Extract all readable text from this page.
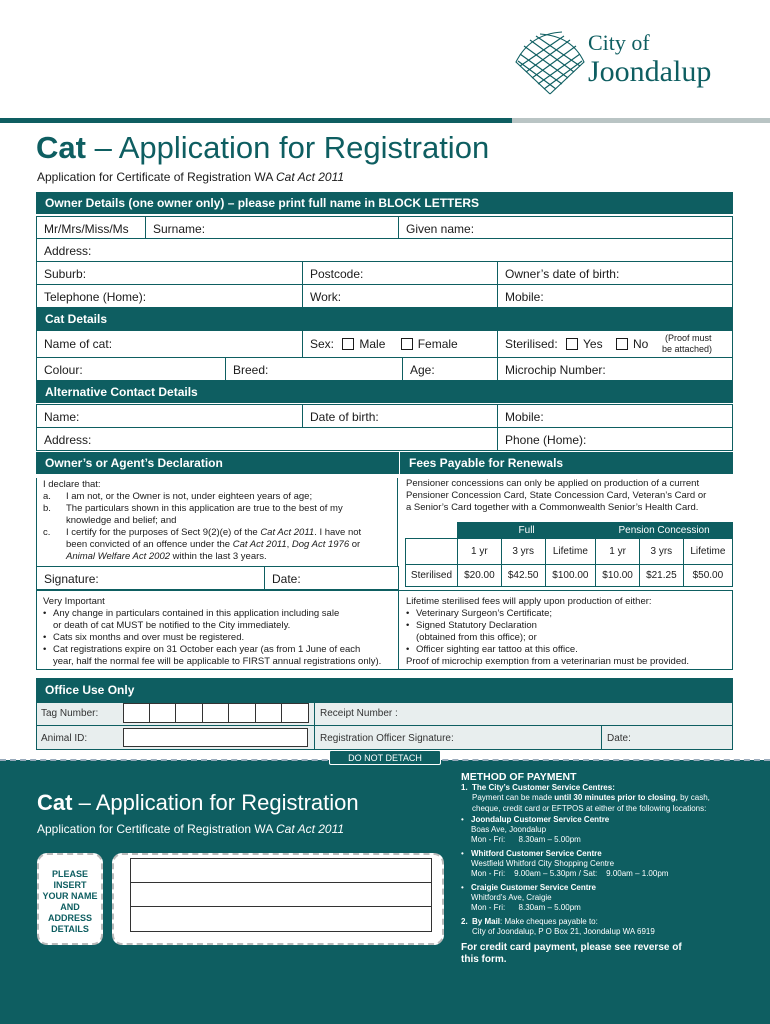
City of
Joondalup
Cat – Application for Registration
Application for Certificate of Registration WA Cat Act 2011
Owner Details (one owner only) – please print full name in BLOCK LETTERS
Mr/Mrs/Miss/Ms	Surname:	Given name:
Address:
Suburb:	Postcode:	Owner’s date of birth:
Telephone (Home):	Work:	Mobile:
Cat Details
Name of cat:	Sex: Male	Female	Sterilised: Yes	No	(Proof must
be attached)
Colour:	Breed:	Age:	Microchip Number:
Alternative Contact Details
Name:	Date of birth:	Mobile:
Address:	Phone (Home):
Owner’s or Agent’s Declaration	Fees Payable for Renewals
I declare that:
a.	I am not, or the Owner is not, under eighteen years of age;
b.	The particulars shown in this application are true to the best of my
knowledge and belief; and
c.	I certify for the purposes of Sect 9(2)(e) of the Cat Act 2011. I have not
been convicted of an offence under the Cat Act 2011, Dog Act 1976 or
Animal Welfare Act 2002 within the last 3 years.
Signature:	Date:
Pensioner concessions can only be applied on production of a current
Pensioner Concession Card, State Concession Card, Veteran’s Card or
a Senior’s Card together with a Commonwealth Senior’s Health Card.
	Full			Pension Concession		
	1 yr	3 yrs	Lifetime	1 yr	3 yrs	Lifetime
Sterilised	$20.00	$42.50	$100.00	$10.00	$21.25	$50.00
Very Important
• Any change in particulars contained in this application including sale
or death of cat MUST be notified to the City immediately.
• Cats six months and over must be registered.
• Cat registrations expire on 31 October each year (as from 1 June of each
year, half the normal fee will be applicable to FIRST annual registrations only).
Lifetime sterilised fees will apply upon production of either:
• Veterinary Surgeon’s Certificate;
• Signed Statutory Declaration
(obtained from this office); or
• Officer sighting ear tattoo at this office.
Proof of microchip exemption from a veterinarian must be provided.
Office Use Only
Tag Number:	Receipt Number :
Animal ID:	Registration Officer Signature:	Date:
DO NOT DETACH
Cat – Application for Registration
Application for Certificate of Registration WA Cat Act 2011
PLEASE INSERT YOUR NAME AND ADDRESS DETAILS
METHOD OF PAYMENT
1. The City’s Customer Service Centres:
Payment can be made until 30 minutes prior to closing, by cash,
cheque, credit card or EFTPOS at either of the following locations:
• Joondalup Customer Service Centre
Boas Ave, Joondalup
Mon - Fri:      8.30am – 5.00pm
• Whitford Customer Service Centre
Westfield Whitford City Shopping Centre
Mon - Fri:    9.00am – 5.30pm / Sat:    9.00am – 1.00pm
• Craigie Customer Service Centre
Whitford’s Ave, Craigie
Mon - Fri:      8.30am – 5.00pm
2. By Mail: Make cheques payable to:
City of Joondalup, P O Box 21, Joondalup WA 6919
For credit card payment, please see reverse of this form.
